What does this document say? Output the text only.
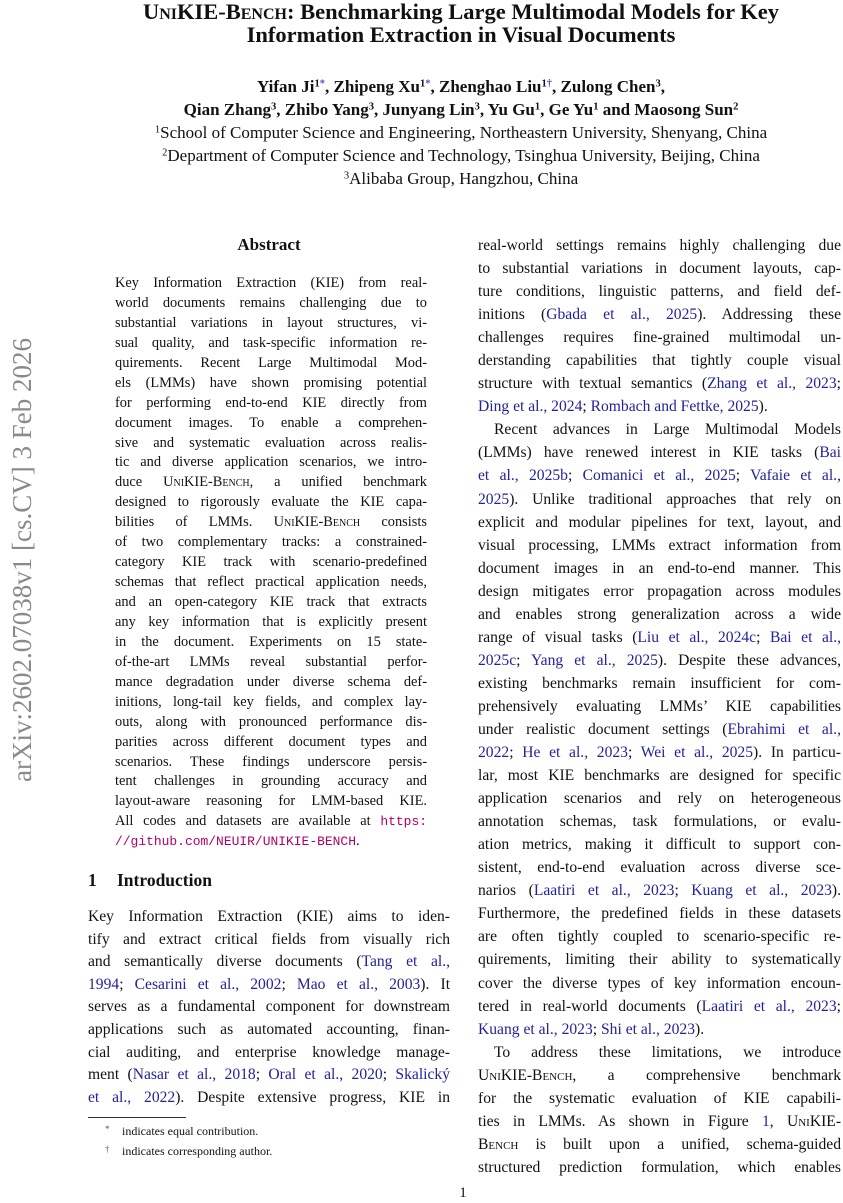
UniKIE-Bench: Benchmarking Large Multimodal Models for Key
Information Extraction in Visual Documents
Yifan $Ji^{1*}$, Zhipeng $Xu^{1*}$, Zhenghao Liu$^{1\dagger}$, Zulong Chen$^3$,
Qian Zhang$^3$, Zhibo Yang$^3$, Junyang Lin$^3$, Yu Gu$^1$, Ge Yu$^1$ and Maosong Sun$^2$
$^1$School of Computer Science and Engineering, Northeastern University, Shenyang, China
$^2$Department of Computer Science and Technology, Tsinghua University, Beijing, China
$^3$Alibaba Group, Hangzhou, China
arXiv:2602.07038v1 [cs.CV] 3 Feb 2026
Abstract
Key Information Extraction (KIE) from real-
world documents remains challenging due to
substantial variations in layout structures, vi-
sual quality, and task-specific information re-
quirements. Recent Large Multimodal Mod-
els (LMMs) have shown promising potential
for performing end-to-end KIE directly from
document images. To enable a comprehen-
sive and systematic evaluation across realis-
tic and diverse application scenarios, we intro-
duce UniKIE-Bench, a unified benchmark
designed to rigorously evaluate the KIE capa-
bilities of LMMs. UniKIE-Bench consists
of two complementary tracks: a constrained-
category KIE track with scenario-predefined
schemas that reflect practical application needs,
and an open-category KIE track that extracts
any key information that is explicitly present
in the document. Experiments on 15 state-
of-the-art LMMs reveal substantial perfor-
mance degradation under diverse schema def-
initions, long-tail key fields, and complex lay-
outs, along with pronounced performance dis-
parities across different document types and
scenarios. These findings underscore persis-
tent challenges in grounding accuracy and
layout-aware reasoning for LMM-based KIE.
All codes and datasets are available at https:
//github.com/NEUIR/UNIKIE-BENCH.
1 Introduction
Key Information Extraction (KIE) aims to iden-
tify and extract critical fields from visually rich
and semantically diverse documents (Tang et al.,
1994; Cesarini et al., 2002; Mao et al., 2003). It
serves as a fundamental component for downstream
applications such as automated accounting, finan-
cial auditing, and enterprise knowledge manage-
ment (Nasar et al., 2018; Oral et al., 2020; Skalický
et al., 2022). Despite extensive progress, KIE in
real-world settings remains highly challenging due
to substantial variations in document layouts, cap-
ture conditions, linguistic patterns, and field def-
initions (Gbada et al., 2025). Addressing these
challenges requires fine-grained multimodal un-
derstanding capabilities that tightly couple visual
structure with textual semantics (Zhang et al., 2023;
Ding et al., 2024; Rombach and Fettke, 2025).
Recent advances in Large Multimodal Models
(LMMs) have renewed interest in KIE tasks (Bai
et al., 2025b; Comanici et al., 2025; Vafaie et al.,
2025). Unlike traditional approaches that rely on
explicit and modular pipelines for text, layout, and
visual processing, LMMs extract information from
document images in an end-to-end manner. This
design mitigates error propagation across modules
and enables strong generalization across a wide
range of visual tasks (Liu et al., 2024c; Bai et al.,
2025c; Yang et al., 2025). Despite these advances,
existing benchmarks remain insufficient for com-
prehensively evaluating LMMs’ KIE capabilities
under realistic document settings (Ebrahimi et al.,
2022; He et al., 2023; Wei et al., 2025). In particu-
lar, most KIE benchmarks are designed for specific
application scenarios and rely on heterogeneous
annotation schemas, task formulations, or evalu-
ation metrics, making it difficult to support con-
sistent, end-to-end evaluation across diverse sce-
narios (Laatiri et al., 2023; Kuang et al., 2023).
Furthermore, the predefined fields in these datasets
are often tightly coupled to scenario-specific re-
quirements, limiting their ability to systematically
cover the diverse types of key information encoun-
tered in real-world documents (Laatiri et al., 2023;
Kuang et al., 2023; Shi et al., 2023).
To address these limitations, we introduce
UniKIE-Bench, a comprehensive benchmark
for the systematic evaluation of KIE capabili-
ties in LMMs. As shown in Figure 1, UniKIE-
Bench is built upon a unified, schema-guided
structured prediction formulation, which enables
* indicates equal contribution.
† indicates corresponding author.
1
